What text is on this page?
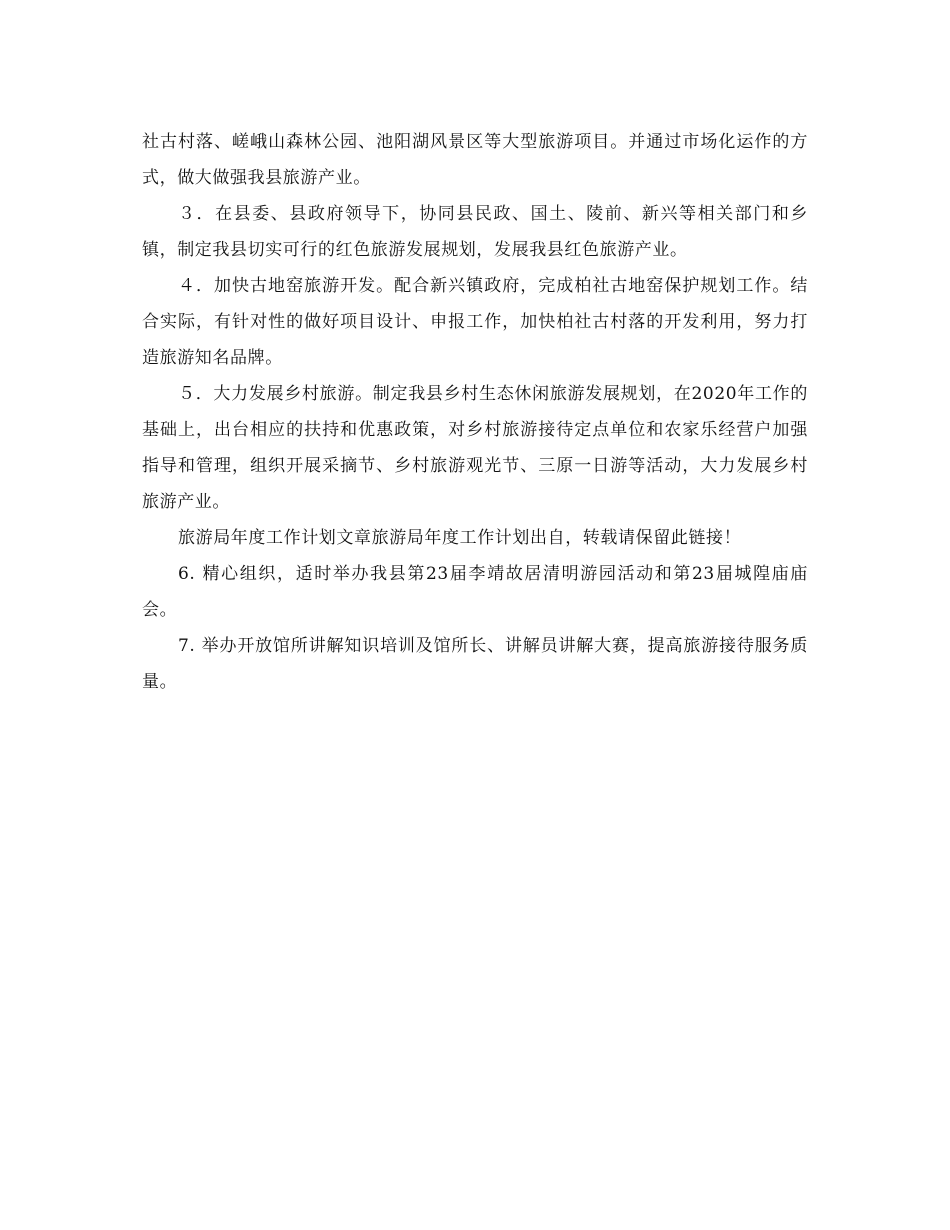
社古村落、嵯峨山森林公园、池阳湖风景区等大型旅游项目。并通过市场化运作的方式，做大做强我县旅游产业。

３．在县委、县政府领导下，协同县民政、国土、陵前、新兴等相关部门和乡镇，制定我县切实可行的红色旅游发展规划，发展我县红色旅游产业。

４．加快古地窑旅游开发。配合新兴镇政府，完成柏社古地窑保护规划工作。结合实际，有针对性的做好项目设计、申报工作，加快柏社古村落的开发利用，努力打造旅游知名品牌。

５．大力发展乡村旅游。制定我县乡村生态休闲旅游发展规划，在2020年工作的基础上，出台相应的扶持和优惠政策，对乡村旅游接待定点单位和农家乐经营户加强指导和管理，组织开展采摘节、乡村旅游观光节、三原一日游等活动，大力发展乡村旅游产业。

旅游局年度工作计划文章旅游局年度工作计划出自，转载请保留此链接！

6. 精心组织，适时举办我县第23届李靖故居清明游园活动和第23届城隍庙庙会。

7. 举办开放馆所讲解知识培训及馆所长、讲解员讲解大赛，提高旅游接待服务质量。
